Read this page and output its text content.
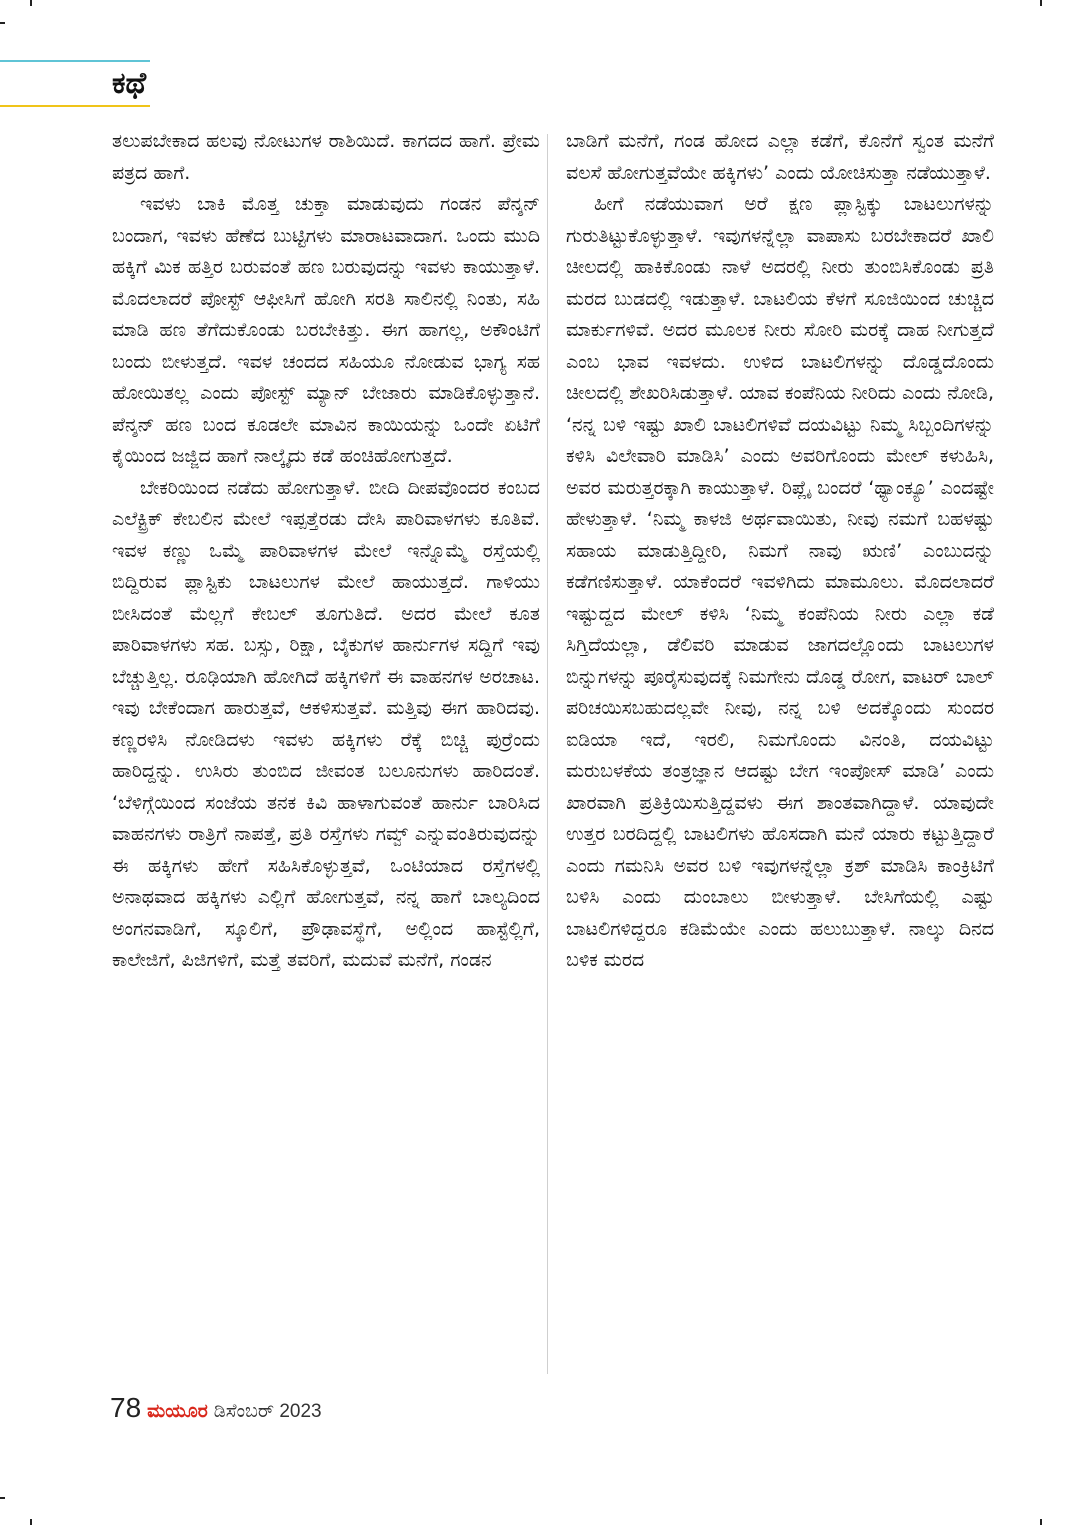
ಕಥೆ

ತಲುಪಬೇಕಾದ ಹಲವು ನೋಟುಗಳ ರಾಶಿಯಿದೆ. ಕಾಗದದ ಹಾಗೆ. ಪ್ರೇಮ ಪತ್ರದ ಹಾಗೆ.

ಇವಳು ಬಾಕಿ ಮೊತ್ತ ಚುಕ್ತಾ ಮಾಡುವುದು ಗಂಡನ ಪೆನ್ಶನ್ ಬಂದಾಗ, ಇವಳು ಹೆಣೆದ ಬುಟ್ಟಿಗಳು ಮಾರಾಟವಾದಾಗ. ಒಂದು ಮುದಿ ಹಕ್ಕಿಗೆ ಮಿಕ ಹತ್ತಿರ ಬರುವಂತೆ ಹಣ ಬರುವುದನ್ನು ಇವಳು ಕಾಯುತ್ತಾಳೆ. ಮೊದಲಾದರೆ ಪೋಸ್ಟ್ ಆಫೀಸಿಗೆ ಹೋಗಿ ಸರತಿ ಸಾಲಿನಲ್ಲಿ ನಿಂತು, ಸಹಿ ಮಾಡಿ ಹಣ ತೆಗೆದುಕೊಂಡು ಬರಬೇಕಿತ್ತು. ಈಗ ಹಾಗಲ್ಲ, ಅಕೌಂಟಿಗೆ ಬಂದು ಬೀಳುತ್ತದೆ. ಇವಳ ಚಂದದ ಸಹಿಯೂ ನೋಡುವ ಭಾಗ್ಯ ಸಹ ಹೋಯಿತಲ್ಲ ಎಂದು ಪೋಸ್ಟ್ ಮ್ಯಾನ್ ಬೇಜಾರು ಮಾಡಿಕೊಳ್ಳುತ್ತಾನೆ. ಪೆನ್ಶನ್ ಹಣ ಬಂದ ಕೂಡಲೇ ಮಾವಿನ ಕಾಯಿಯನ್ನು ಒಂದೇ ಏಟಿಗೆ ಕೈಯಿಂದ ಜಜ್ಜಿದ ಹಾಗೆ ನಾಲ್ಕೈದು ಕಡೆ ಹಂಚಿಹೋಗುತ್ತದೆ.

ಬೇಕರಿಯಿಂದ ನಡೆದು ಹೋಗುತ್ತಾಳೆ. ಬೀದಿ ದೀಪವೊಂದರ ಕಂಬದ ಎಲೆಕ್ಟ್ರಿಕ್ ಕೇಬಲಿನ ಮೇಲೆ ಇಪ್ಪತ್ತೆರಡು ದೇಸಿ ಪಾರಿವಾಳಗಳು ಕೂತಿವೆ. ಇವಳ ಕಣ್ಣು ಒಮ್ಮೆ ಪಾರಿವಾಳಗಳ ಮೇಲೆ ಇನ್ನೊಮ್ಮೆ ರಸ್ತೆಯಲ್ಲಿ ಬಿದ್ದಿರುವ ಪ್ಲಾಸ್ಟಿಕು ಬಾಟಲುಗಳ ಮೇಲೆ ಹಾಯುತ್ತದೆ. ಗಾಳಿಯು ಬೀಸಿದಂತೆ ಮೆಲ್ಲಗೆ ಕೇಬಲ್ ತೂಗುತಿದೆ. ಅದರ ಮೇಲೆ ಕೂತ ಪಾರಿವಾಳಗಳು ಸಹ. ಬಸ್ಸು, ರಿಕ್ಷಾ, ಬೈಕುಗಳ ಹಾರ್ನುಗಳ ಸದ್ದಿಗೆ ಇವು ಬೆಚ್ಚುತ್ತಿಲ್ಲ. ರೂಢಿಯಾಗಿ ಹೋಗಿದೆ ಹಕ್ಕಿಗಳಿಗೆ ಈ ವಾಹನಗಳ ಅರಚಾಟ. ಇವು ಬೇಕೆಂದಾಗ ಹಾರುತ್ತವೆ, ಆಕಳಿಸುತ್ತವೆ. ಮತ್ತಿವು ಈಗ ಹಾರಿದವು. ಕಣ್ಣರಳಿಸಿ ನೋಡಿದಳು ಇವಳು ಹಕ್ಕಿಗಳು ರೆಕ್ಕೆ ಬಿಚ್ಚಿ ಪುರ್ರೆಂದು ಹಾರಿದ್ದನ್ನು. ಉಸಿರು ತುಂಬಿದ ಜೀವಂತ ಬಲೂನುಗಳು ಹಾರಿದಂತೆ. ‘ಬೆಳಿಗ್ಗೆಯಿಂದ ಸಂಜೆಯ ತನಕ ಕಿವಿ ಹಾಳಾಗುವಂತೆ ಹಾರ್ನು ಬಾರಿಸಿದ ವಾಹನಗಳು ರಾತ್ರಿಗೆ ನಾಪತ್ತೆ, ಪ್ರತಿ ರಸ್ತೆಗಳು ಗವ್ವ್ ಎನ್ನುವಂತಿರುವುದನ್ನು ಈ ಹಕ್ಕಿಗಳು ಹೇಗೆ ಸಹಿಸಿಕೊಳ್ಳುತ್ತವೆ, ಒಂಟಿಯಾದ ರಸ್ತೆಗಳಲ್ಲಿ ಅನಾಥವಾದ ಹಕ್ಕಿಗಳು ಎಲ್ಲಿಗೆ ಹೋಗುತ್ತವೆ, ನನ್ನ ಹಾಗೆ ಬಾಲ್ಯದಿಂದ ಅಂಗನವಾಡಿಗೆ, ಸ್ಕೂಲಿಗೆ, ಪ್ರೌಢಾವಸ್ಥೆಗೆ, ಅಲ್ಲಿಂದ ಹಾಸ್ಟೆಲ್ಲಿಗೆ, ಕಾಲೇಜಿಗೆ, ಪಿಜಿಗಳಿಗೆ, ಮತ್ತೆ ತವರಿಗೆ, ಮದುವೆ ಮನೆಗೆ, ಗಂಡನ

ಬಾಡಿಗೆ ಮನೆಗೆ, ಗಂಡ ಹೋದ ಎಲ್ಲಾ ಕಡೆಗೆ, ಕೊನೆಗೆ ಸ್ವಂತ ಮನೆಗೆ ವಲಸೆ ಹೋಗುತ್ತವೆಯೇ ಹಕ್ಕಿಗಳು’ ಎಂದು ಯೋಚಿಸುತ್ತಾ ನಡೆಯುತ್ತಾಳೆ.

ಹೀಗೆ ನಡೆಯುವಾಗ ಅರೆ ಕ್ಷಣ ಪ್ಲಾಸ್ಟಿಕ್ಕು ಬಾಟಲುಗಳನ್ನು ಗುರುತಿಟ್ಟುಕೊಳ್ಳುತ್ತಾಳೆ. ಇವುಗಳನ್ನೆಲ್ಲಾ ವಾಪಾಸು ಬರಬೇಕಾದರೆ ಖಾಲಿ ಚೀಲದಲ್ಲಿ ಹಾಕಿಕೊಂಡು ನಾಳೆ ಅದರಲ್ಲಿ ನೀರು ತುಂಬಿಸಿಕೊಂಡು ಪ್ರತಿ ಮರದ ಬುಡದಲ್ಲಿ ಇಡುತ್ತಾಳೆ. ಬಾಟಲಿಯ ಕೆಳಗೆ ಸೂಜಿಯಿಂದ ಚುಚ್ಚಿದ ಮಾರ್ಕುಗಳಿವೆ. ಅದರ ಮೂಲಕ ನೀರು ಸೋರಿ ಮರಕ್ಕೆ ದಾಹ ನೀಗುತ್ತದೆ ಎಂಬ ಭಾವ ಇವಳದು. ಉಳಿದ ಬಾಟಲಿಗಳನ್ನು ದೊಡ್ಡದೊಂದು ಚೀಲದಲ್ಲಿ ಶೇಖರಿಸಿಡುತ್ತಾಳೆ. ಯಾವ ಕಂಪೆನಿಯ ನೀರಿದು ಎಂದು ನೋಡಿ, ‘ನನ್ನ ಬಳಿ ಇಷ್ಟು ಖಾಲಿ ಬಾಟಲಿಗಳಿವೆ ದಯವಿಟ್ಟು ನಿಮ್ಮ ಸಿಬ್ಬಂದಿಗಳನ್ನು ಕಳಿಸಿ ವಿಲೇವಾರಿ ಮಾಡಿಸಿ’ ಎಂದು ಅವರಿಗೊಂದು ಮೇಲ್ ಕಳುಹಿಸಿ, ಅವರ ಮರುತ್ತರಕ್ಕಾಗಿ ಕಾಯುತ್ತಾಳೆ. ರಿಪ್ಲೈ ಬಂದರೆ ‘ಥ್ಯಾಂಕ್ಯೂ’ ಎಂದಷ್ಟೇ ಹೇಳುತ್ತಾಳೆ. ‘ನಿಮ್ಮ ಕಾಳಜಿ ಅರ್ಥವಾಯಿತು, ನೀವು ನಮಗೆ ಬಹಳಷ್ಟು ಸಹಾಯ ಮಾಡುತ್ತಿದ್ದೀರಿ, ನಿಮಗೆ ನಾವು ಋಣಿ’ ಎಂಬುದನ್ನು ಕಡೆಗಣಿಸುತ್ತಾಳೆ. ಯಾಕೆಂದರೆ ಇವಳಿಗಿದು ಮಾಮೂಲು. ಮೊದಲಾದರೆ ಇಷ್ಟುದ್ದದ ಮೇಲ್ ಕಳಿಸಿ ‘ನಿಮ್ಮ ಕಂಪೆನಿಯ ನೀರು ಎಲ್ಲಾ ಕಡೆ ಸಿಗ್ತಿದೆಯಲ್ಲಾ, ಡೆಲಿವರಿ ಮಾಡುವ ಜಾಗದಲ್ಲೊಂದು ಬಾಟಲುಗಳ ಬಿನ್ನುಗಳನ್ನು ಪೂರೈಸುವುದಕ್ಕೆ ನಿಮಗೇನು ದೊಡ್ಡ ರೋಗ, ವಾಟರ್ ಬಾಲ್ ಪರಿಚಯಿಸಬಹುದಲ್ಲವೇ ನೀವು, ನನ್ನ ಬಳಿ ಅದಕ್ಕೊಂದು ಸುಂದರ ಐಡಿಯಾ ಇದೆ, ಇರಲಿ, ನಿಮಗೊಂದು ವಿನಂತಿ, ದಯವಿಟ್ಟು ಮರುಬಳಕೆಯ ತಂತ್ರಜ್ಞಾನ ಆದಷ್ಟು ಬೇಗ ಇಂಪೋಸ್ ಮಾಡಿ’ ಎಂದು ಖಾರವಾಗಿ ಪ್ರತಿಕ್ರಿಯಿಸುತ್ತಿದ್ದವಳು ಈಗ ಶಾಂತವಾಗಿದ್ದಾಳೆ. ಯಾವುದೇ ಉತ್ತರ ಬರದಿದ್ದಲ್ಲಿ ಬಾಟಲಿಗಳು ಹೊಸದಾಗಿ ಮನೆ ಯಾರು ಕಟ್ಟುತ್ತಿದ್ದಾರೆ ಎಂದು ಗಮನಿಸಿ ಅವರ ಬಳಿ ಇವುಗಳನ್ನೆಲ್ಲಾ ಕ್ರಶ್ ಮಾಡಿಸಿ ಕಾಂಕ್ರಿಟಿಗೆ ಬಳಿಸಿ ಎಂದು ದುಂಬಾಲು ಬೀಳುತ್ತಾಳೆ. ಬೇಸಿಗೆಯಲ್ಲಿ ಎಷ್ಟು ಬಾಟಲಿಗಳಿದ್ದರೂ ಕಡಿಮೆಯೇ ಎಂದು ಹಲುಬುತ್ತಾಳೆ. ನಾಲ್ಕು ದಿನದ ಬಳಿಕ ಮರದ

78 ಮಯೂರ ಡಿಸೆಂಬರ್ 2023
